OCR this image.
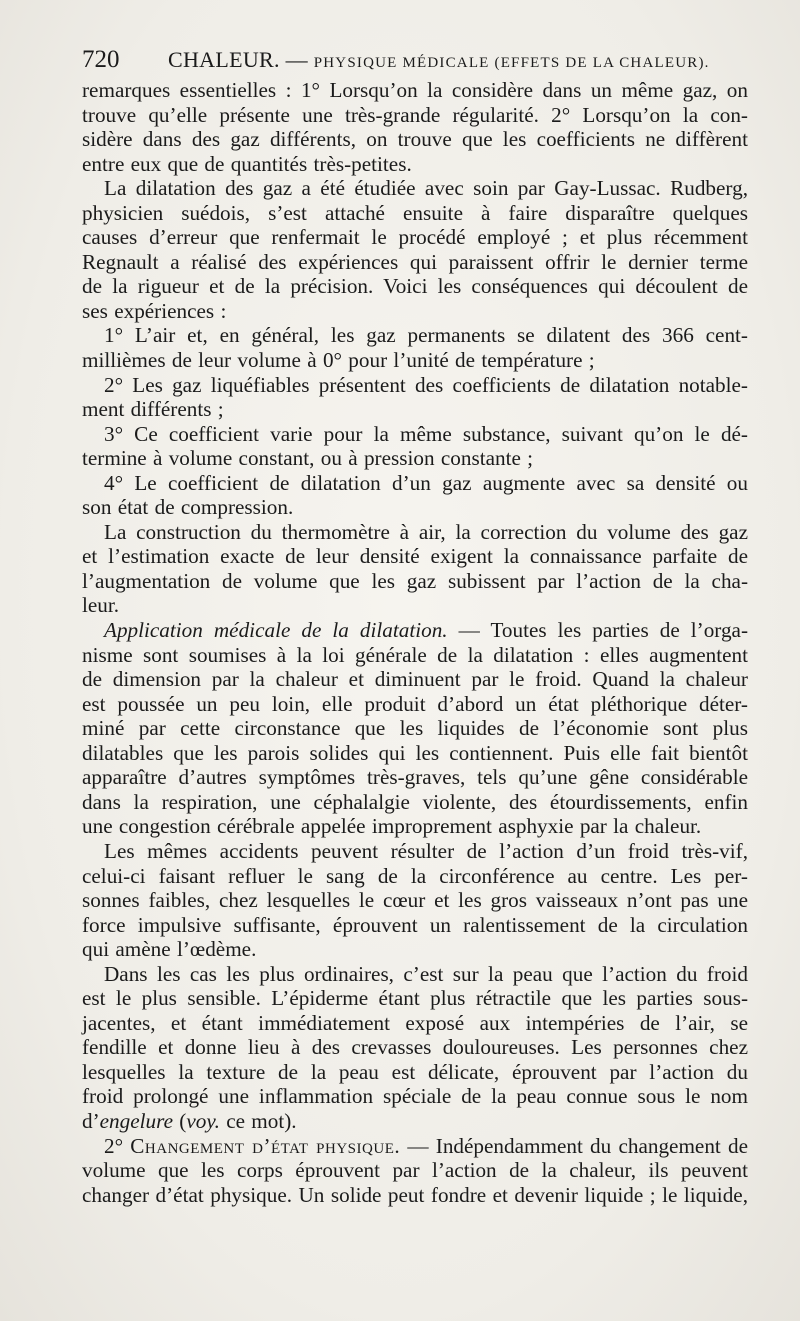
720 CHALEUR. — PHYSIQUE MÉDICALE (EFFETS DE LA CHALEUR).
remarques essentielles : 1° Lorsqu’on la considère dans un même gaz, on
trouve qu’elle présente une très-grande régularité. 2° Lorsqu’on la con-
sidère dans des gaz différents, on trouve que les coefficients ne diffèrent
entre eux que de quantités très-petites.
La dilatation des gaz a été étudiée avec soin par Gay-Lussac. Rudberg,
physicien suédois, s’est attaché ensuite à faire disparaître quelques
causes d’erreur que renfermait le procédé employé ; et plus récemment
Regnault a réalisé des expériences qui paraissent offrir le dernier terme
de la rigueur et de la précision. Voici les conséquences qui découlent de
ses expériences :
1° L’air et, en général, les gaz permanents se dilatent des 366 cent-
millièmes de leur volume à 0° pour l’unité de température ;
2° Les gaz liquéfiables présentent des coefficients de dilatation notable-
ment différents ;
3° Ce coefficient varie pour la même substance, suivant qu’on le dé-
termine à volume constant, ou à pression constante ;
4° Le coefficient de dilatation d’un gaz augmente avec sa densité ou
son état de compression.
La construction du thermomètre à air, la correction du volume des gaz
et l’estimation exacte de leur densité exigent la connaissance parfaite de
l’augmentation de volume que les gaz subissent par l’action de la cha-
leur.
Application médicale de la dilatation. — Toutes les parties de l’orga-
nisme sont soumises à la loi générale de la dilatation : elles augmentent
de dimension par la chaleur et diminuent par le froid. Quand la chaleur
est poussée un peu loin, elle produit d’abord un état pléthorique déter-
miné par cette circonstance que les liquides de l’économie sont plus
dilatables que les parois solides qui les contiennent. Puis elle fait bientôt
apparaître d’autres symptômes très-graves, tels qu’une gêne considérable
dans la respiration, une céphalalgie violente, des étourdissements, enfin
une congestion cérébrale appelée improprement asphyxie par la chaleur.
Les mêmes accidents peuvent résulter de l’action d’un froid très-vif,
celui-ci faisant refluer le sang de la circonférence au centre. Les per-
sonnes faibles, chez lesquelles le cœur et les gros vaisseaux n’ont pas une
force impulsive suffisante, éprouvent un ralentissement de la circulation
qui amène l’œdème.
Dans les cas les plus ordinaires, c’est sur la peau que l’action du froid
est le plus sensible. L’épiderme étant plus rétractile que les parties sous-
jacentes, et étant immédiatement exposé aux intempéries de l’air, se
fendille et donne lieu à des crevasses douloureuses. Les personnes chez
lesquelles la texture de la peau est délicate, éprouvent par l’action du
froid prolongé une inflammation spéciale de la peau connue sous le nom
d’engelure (voy. ce mot).
2° Changement d’état physique. — Indépendamment du changement de
volume que les corps éprouvent par l’action de la chaleur, ils peuvent
changer d’état physique. Un solide peut fondre et devenir liquide ; le liquide,
